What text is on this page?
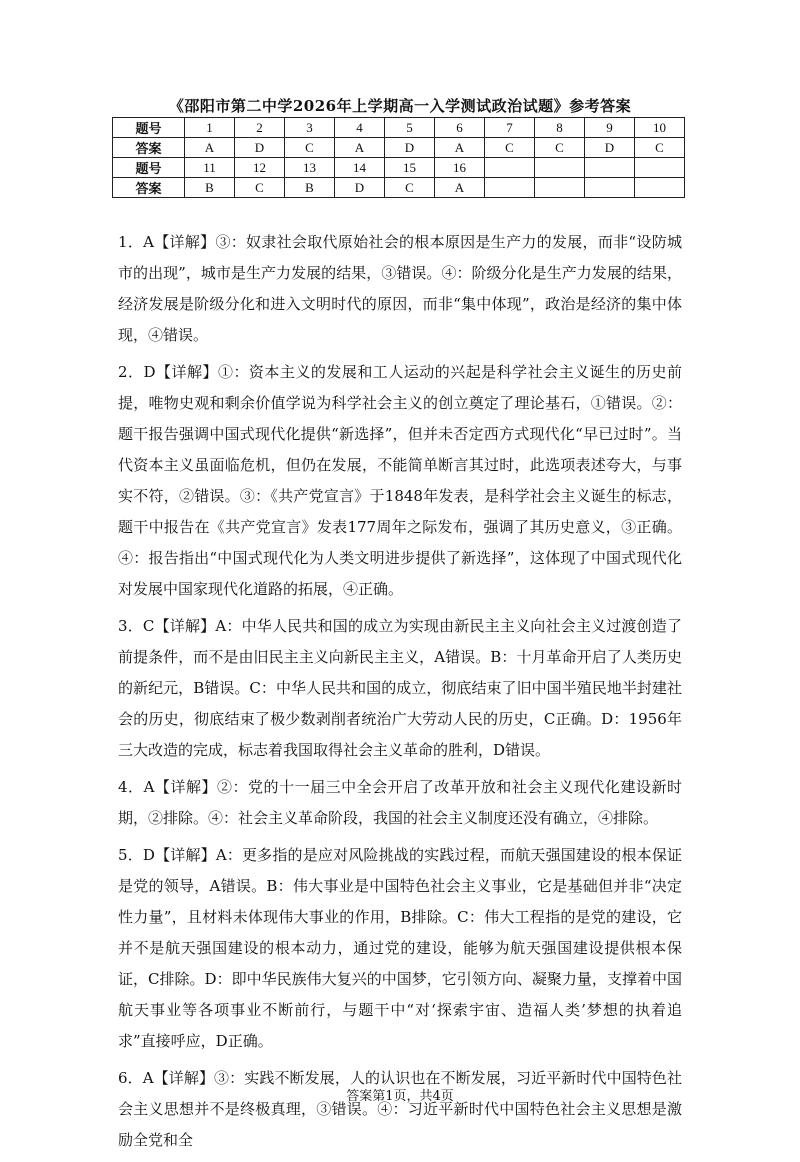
《邵阳市第二中学2026年上学期高一入学测试政治试题》参考答案
题号	1	2	3	4	5	6	7	8	9	10
答案	A	D	C	A	D	A	C	C	D	C
题号	11	12	13	14	15	16				
答案	B	C	B	D	C	A				

1．A【详解】③：奴隶社会取代原始社会的根本原因是生产力的发展，而非“设防城市的出现”，城市是生产力发展的结果，③错误。④：阶级分化是生产力发展的结果，经济发展是阶级分化和进入文明时代的原因，而非“集中体现”，政治是经济的集中体现，④错误。

2．D【详解】①：资本主义的发展和工人运动的兴起是科学社会主义诞生的历史前提，唯物史观和剩余价值学说为科学社会主义的创立奠定了理论基石，①错误。②：题干报告强调中国式现代化提供“新选择”，但并未否定西方式现代化“早已过时”。当代资本主义虽面临危机，但仍在发展，不能简单断言其过时，此选项表述夸大，与事实不符，②错误。③：《共产党宣言》于1848年发表，是科学社会主义诞生的标志，题干中报告在《共产党宣言》发表177周年之际发布，强调了其历史意义，③正确。④：报告指出“中国式现代化为人类文明进步提供了新选择”，这体现了中国式现代化对发展中国家现代化道路的拓展，④正确。

3．C【详解】A：中华人民共和国的成立为实现由新民主主义向社会主义过渡创造了前提条件，而不是由旧民主主义向新民主主义，A错误。B：十月革命开启了人类历史的新纪元，B错误。C：中华人民共和国的成立，彻底结束了旧中国半殖民地半封建社会的历史，彻底结束了极少数剥削者统治广大劳动人民的历史，C正确。D：1956年三大改造的完成，标志着我国取得社会主义革命的胜利，D错误。

4．A【详解】②：党的十一届三中全会开启了改革开放和社会主义现代化建设新时期，②排除。④：社会主义革命阶段，我国的社会主义制度还没有确立，④排除。

5．D【详解】A：更多指的是应对风险挑战的实践过程，而航天强国建设的根本保证是党的领导，A错误。B：伟大事业是中国特色社会主义事业，它是基础但并非“决定性力量”，且材料未体现伟大事业的作用，B排除。C：伟大工程指的是党的建设，它并不是航天强国建设的根本动力，通过党的建设，能够为航天强国建设提供根本保证，C排除。D：即中华民族伟大复兴的中国梦，它引领方向、凝聚力量，支撑着中国航天事业等各项事业不断前行，与题干中“对‘探索宇宙、造福人类’梦想的执着追求”直接呼应，D正确。

6．A【详解】③：实践不断发展，人的认识也在不断发展，习近平新时代中国特色社会主义思想并不是终极真理，③错误。④：习近平新时代中国特色社会主义思想是激励全党和全

答案第1页，共4页
